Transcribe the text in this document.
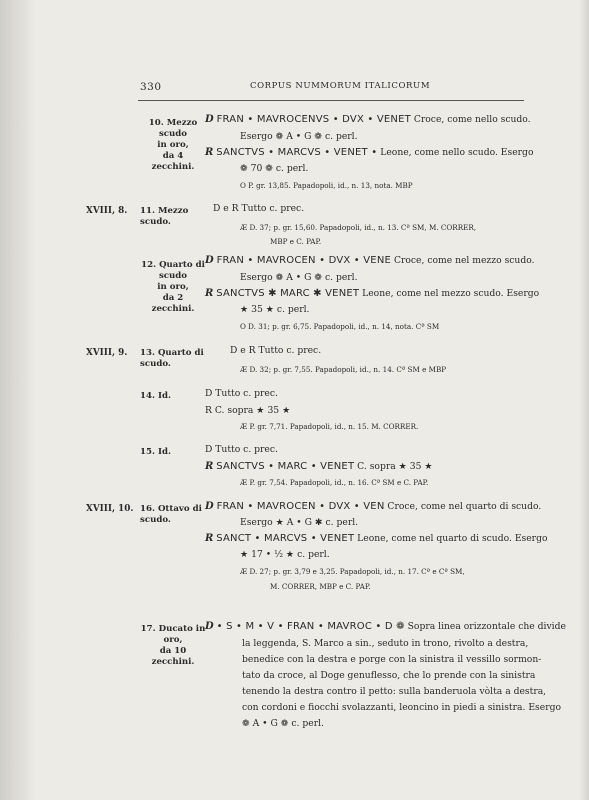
330	CORPUS NUMMORUM ITALICORUM
10. Mezzo scudo
in oro,
da 4 zecchini.
D FRAN • MAVROCENVS • DVX • VENET Croce, come nello scudo.
Esergo ❁ A • G ❁ c. perl.
R SANCTVS • MARCVS • VENET • Leone, come nello scudo. Esergo
❁ 70 ❁ c. perl.
O P. gr. 13,85. Papadopoli, id., n. 13, nota. MBP
XVIII, 8. 11. Mezzo scudo.
D e R Tutto c. prec.
Æ D. 37; p. gr. 15,60. Papadopoli, id., n. 13. Cª SM, M. CORRER,
MBP e C. PAP.
12. Quarto di scudo
in oro,
da 2 zecchini.
D FRAN • MAVROCEN • DVX • VENE Croce, come nel mezzo scudo.
Esergo ❁ A • G ❁ c. perl.
R SANCTVS ✱ MARC ✱ VENET Leone, come nel mezzo scudo. Esergo
★ 35 ★ c. perl.
O D. 31; p. gr. 6,75. Papadopoli, id., n. 14, nota. Cª SM
XVIII, 9. 13. Quarto di scudo.
D e R Tutto c. prec.
Æ D. 32; p. gr. 7,55. Papadopoli, id., n. 14. Cª SM e MBP
14. Id.	D Tutto c. prec.
R C. sopra ★ 35 ★
Æ P. gr. 7,71. Papadopoli, id., n. 15. M. CORRER.
15. Id.	D Tutto c. prec.
R SANCTVS • MARC • VENET C. sopra ★ 35 ★
Æ P. gr. 7,54. Papadopoli, id., n. 16. Cª SM e C. PAP.
XVIII, 10. 16. Ottavo di scudo.
D FRAN • MAVROCEN • DVX • VEN Croce, come nel quarto di scudo.
Esergo ★ A • G ✱ c. perl.
R SANCT • MARCVS • VENET Leone, come nel quarto di scudo. Esergo
★ 17 • ½ ★ c. perl.
Æ D. 27; p. gr. 3,79 e 3,25. Papadopoli, id., n. 17. Cª e Cª SM,
M. CORRER, MBP e C. PAP.
17. Ducato in oro,
da 10 zecchini.
D • S • M • V • FRAN • MAVROC • D ❁ Sopra linea orizzontale che divide
la leggenda, S. Marco a sin., seduto in trono, rivolto a destra,
benedice con la destra e porge con la sinistra il vessillo sormon-
tato da croce, al Doge genuflesso, che lo prende con la sinistra
tenendo la destra contro il petto: sulla banderuola vòlta a destra,
con cordoni e fiocchi svolazzanti, leoncino in piedi a sinistra. Esergo
❁ A • G ❁ c. perl.
